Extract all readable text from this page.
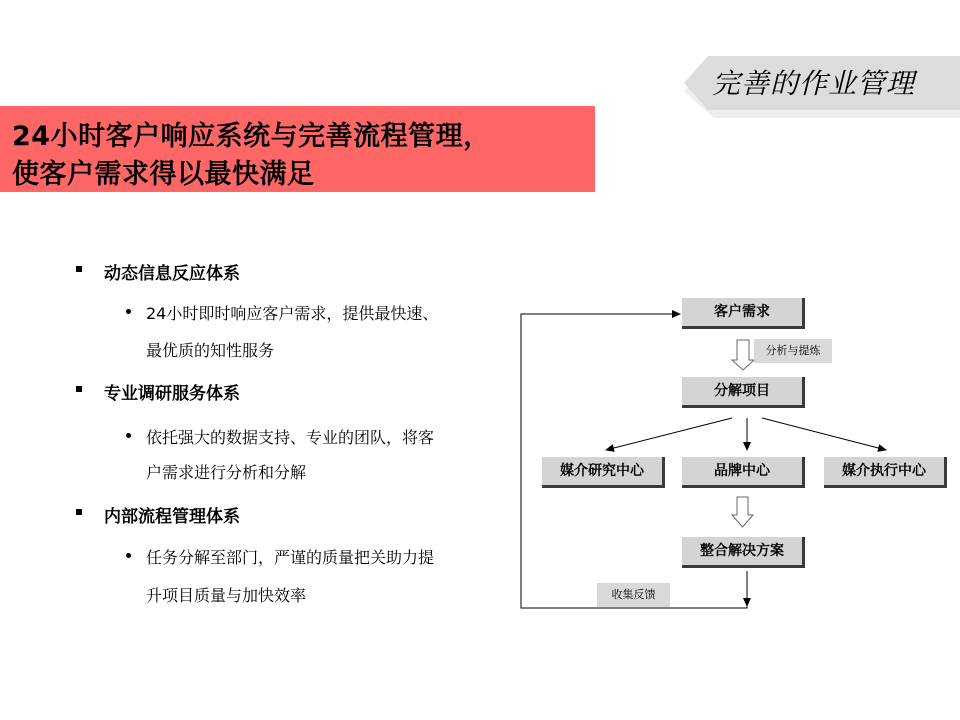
完善的作业管理
24小时客户响应系统与完善流程管理，
使客户需求得以最快满足
动态信息反应体系
24小时即时响应客户需求，提供最快速、
最优质的知性服务
专业调研服务体系
依托强大的数据支持、专业的团队，将客
户需求进行分析和分解
内部流程管理体系
任务分解至部门，严谨的质量把关助力提
升项目质量与加快效率
客户需求
分析与提炼
分解项目
媒介研究中心	品牌中心	媒介执行中心
整合解决方案
收集反馈
